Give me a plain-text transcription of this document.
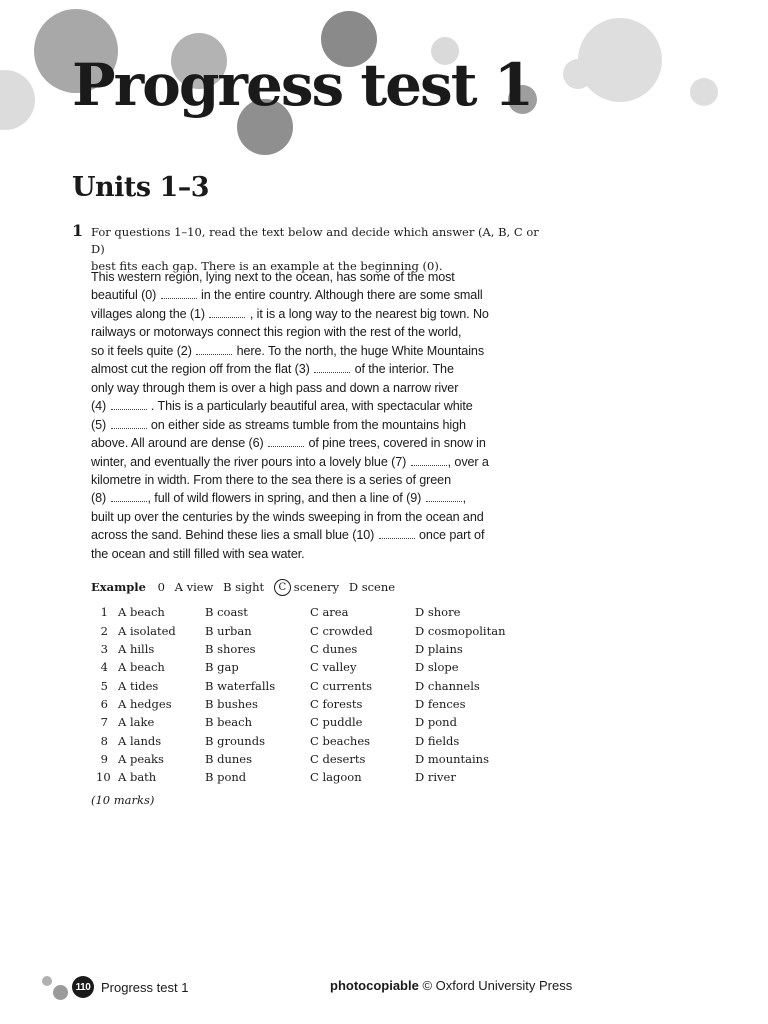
Progress test 1
Units 1–3
1 For questions 1–10, read the text below and decide which answer (A, B, C or D)
best fits each gap. There is an example at the beginning (0).
This western region, lying next to the ocean, has some of the most
beautiful (0)	in the entire country. Although there are some small
villages along the (1)	, it is a long way to the nearest big town. No
railways or motorways connect this region with the rest of the world,
so it feels quite (2)	here. To the north, the huge White Mountains
almost cut the region off from the flat (3)	of the interior. The
only way through them is over a high pass and down a narrow river
(4)	. This is a particularly beautiful area, with spectacular white
(5)	on either side as streams tumble from the mountains high
above. All around are dense (6)	of pine trees, covered in snow in
winter, and eventually the river pours into a lovely blue (7)	, over a
kilometre in width. From there to the sea there is a series of green
(8)	, full of wild flowers in spring, and then a line of (9)	,
built up over the centuries by the winds sweeping in from the ocean and
across the sand. Behind these lies a small blue (10)	once part of
the ocean and still filled with sea water.
Example 0 A view B sight C scenery D scene
1	A beach	B coast	C area	D shore
2	A isolated	B urban	C crowded	D cosmopolitan
3	A hills	B shores	C dunes	D plains
4	A beach	B gap	C valley	D slope
5	A tides	B waterfalls	C currents	D channels
6	A hedges	B bushes	C forests	D fences
7	A lake	B beach	C puddle	D pond
8	A lands	B grounds	C beaches	D fields
9	A peaks	B dunes	C deserts	D mountains
10	A bath	B pond	C lagoon	D river
(10 marks)
110 Progress test 1	photocopiable © Oxford University Press
